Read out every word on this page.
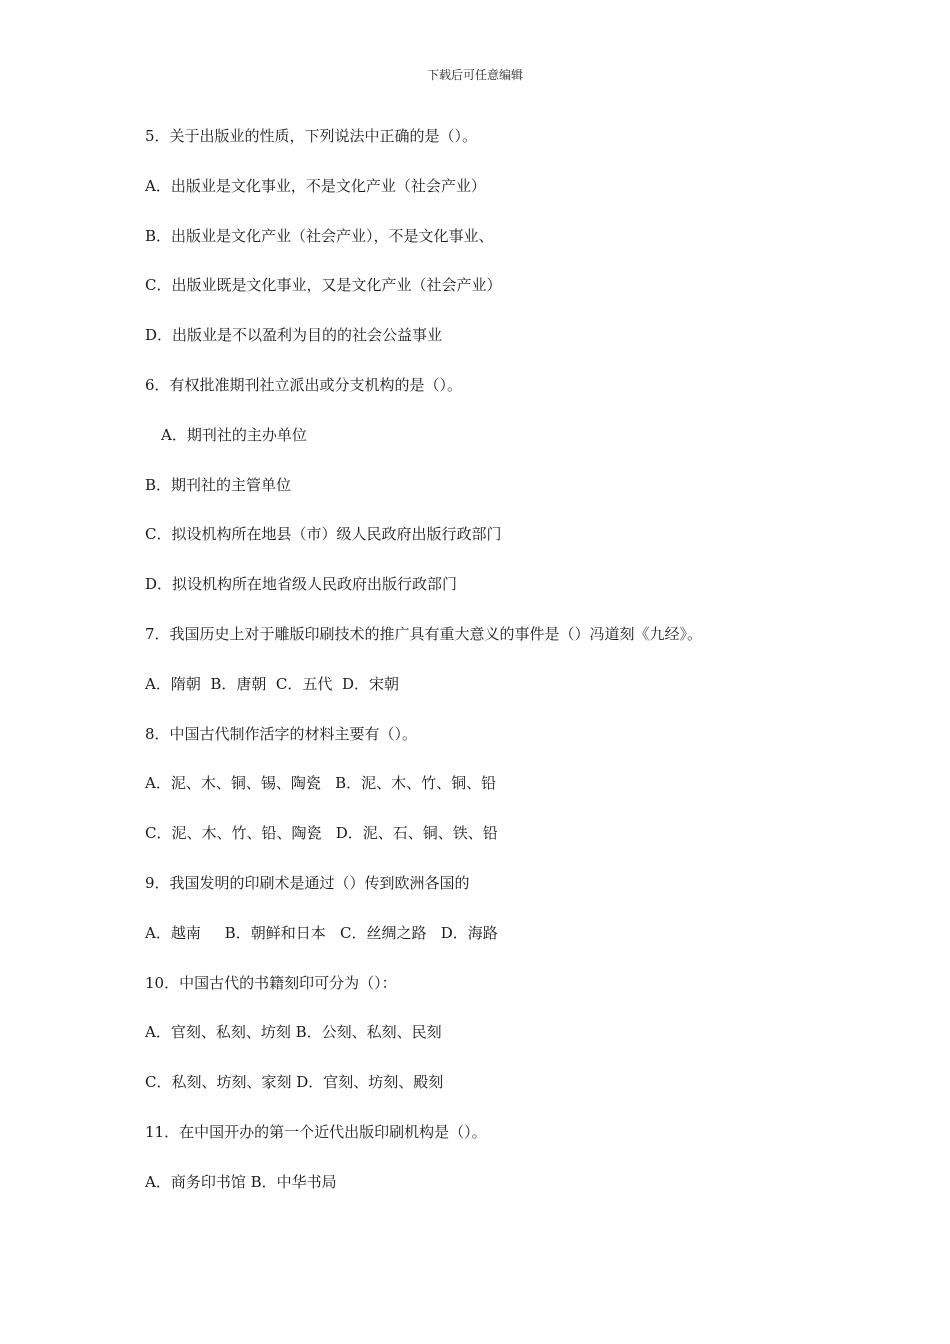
下载后可任意编辑
5．关于出版业的性质，下列说法中正确的是（）。
A．出版业是文化事业，不是文化产业（社会产业）
B．出版业是文化产业（社会产业），不是文化事业、
C．出版业既是文化事业，又是文化产业（社会产业）
D．出版业是不以盈利为目的的社会公益事业
6．有权批准期刊社立派出或分支机构的是（）。
A．期刊社的主办单位
B．期刊社的主管单位
C．拟设机构所在地县（市）级人民政府出版行政部门
D．拟设机构所在地省级人民政府出版行政部门
7．我国历史上对于雕版印刷技术的推广具有重大意义的事件是（）冯道刻《九经》。
A．隋朝  B．唐朝  C．五代  D．宋朝
8．中国古代制作活字的材料主要有（）。
A．泥、木、铜、锡、陶瓷   B．泥、木、竹、铜、铅
C．泥、木、竹、铅、陶瓷   D．泥、石、铜、铁、铅
9．我国发明的印刷术是通过（）传到欧洲各国的
A．越南     B．朝鲜和日本   C．丝绸之路   D．海路
10．中国古代的书籍刻印可分为（）：
A．官刻、私刻、坊刻 B．公刻、私刻、民刻
C．私刻、坊刻、家刻 D．官刻、坊刻、殿刻
11．在中国开办的第一个近代出版印刷机构是（）。
A．商务印书馆 B．中华书局
